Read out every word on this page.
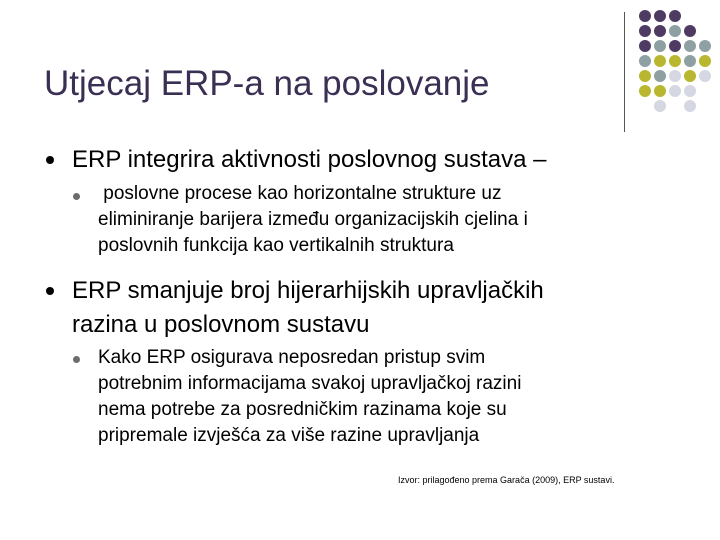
Utjecaj ERP-a na poslovanje
ERP integrira aktivnosti poslovnog sustava –
poslovne procese kao horizontalne strukture uz
eliminiranje barijera između organizacijskih cjelina i
poslovnih funkcija kao vertikalnih struktura
ERP smanjuje broj hijerarhijskih upravljačkih
razina u poslovnom sustavu
Kako ERP osigurava neposredan pristup svim
potrebnim informacijama svakoj upravljačkoj razini
nema potrebe za posredničkim razinama koje su
pripremale izvješća za više razine upravljanja
Izvor: prilagođeno prema Garača (2009), ERP sustavi.
